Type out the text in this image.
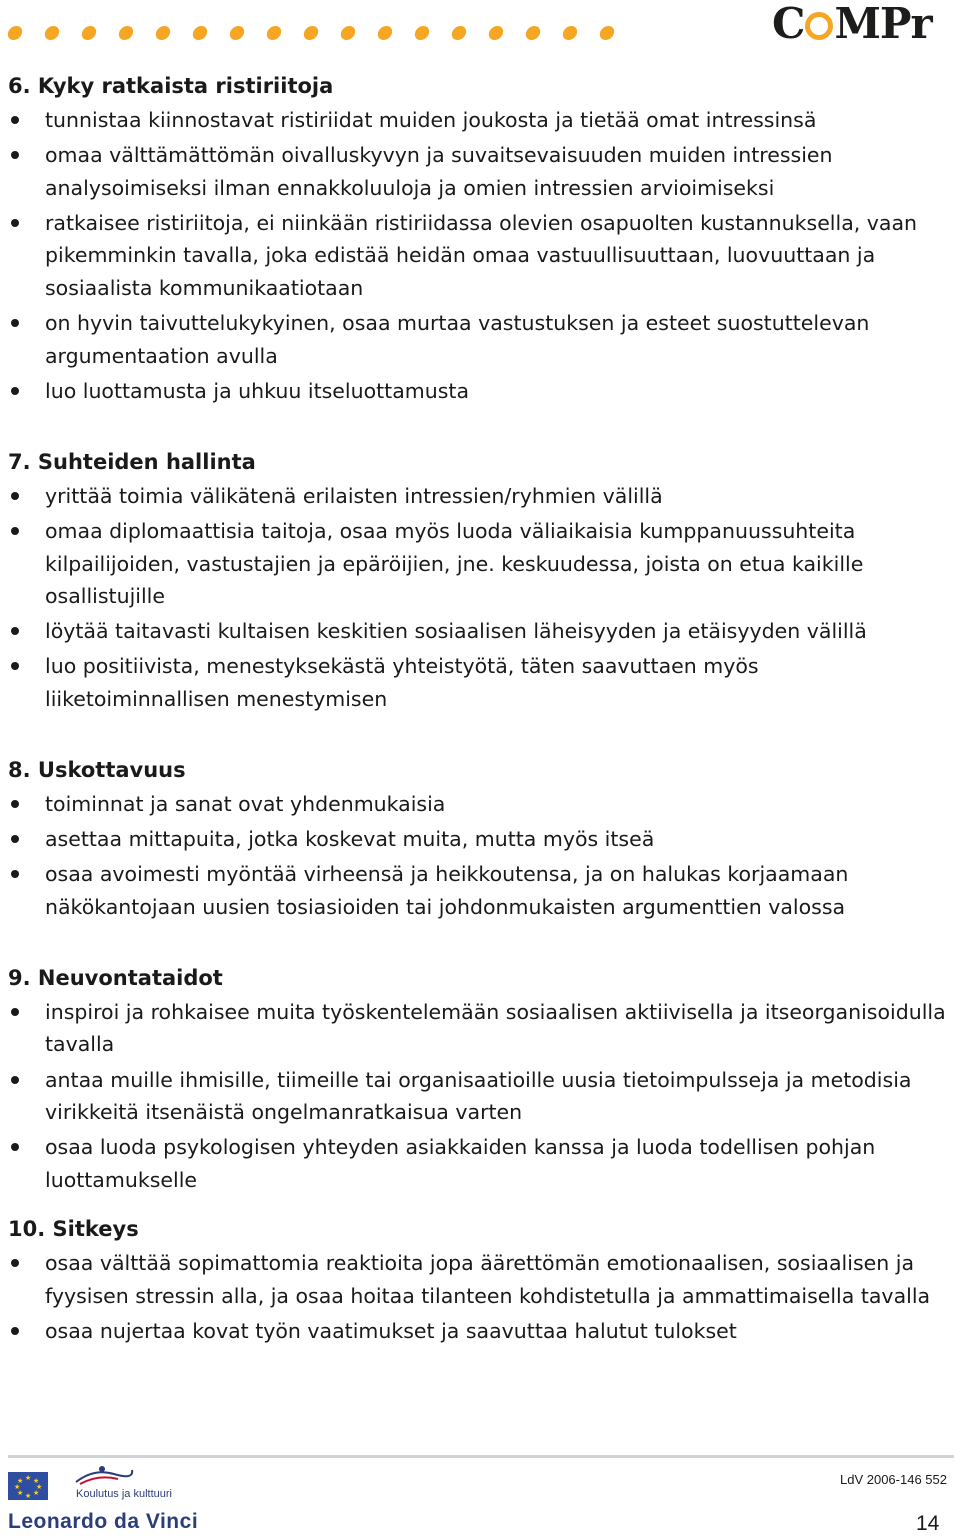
C MPr
6. Kyky ratkaista ristiriitoja
tunnistaa kiinnostavat ristiriidat muiden joukosta ja tietää omat intressinsä
omaa välttämättömän oivalluskyvyn ja suvaitsevaisuuden muiden intressien analysoimiseksi ilman ennakkoluuloja ja omien intressien arvioimiseksi
ratkaisee ristiriitoja, ei niinkään ristiriidassa olevien osapuolten kustannuksella, vaan pikemminkin tavalla, joka edistää heidän omaa vastuullisuuttaan, luovuuttaan ja sosiaalista kommunikaatiotaan
on hyvin taivuttelukykyinen, osaa murtaa vastustuksen ja esteet suostuttelevan argumentaation avulla
luo luottamusta ja uhkuu itseluottamusta
7. Suhteiden hallinta
yrittää toimia välikätenä erilaisten intressien/ryhmien välillä
omaa diplomaattisia taitoja, osaa myös luoda väliaikaisia kumppanuussuhteita kilpailijoiden, vastustajien ja epäröijien, jne. keskuudessa, joista on etua kaikille osallistujille
löytää taitavasti kultaisen keskitien sosiaalisen läheisyyden ja etäisyyden välillä
luo positiivista, menestyksekästä yhteistyötä, täten saavuttaen myös liiketoiminnallisen menestymisen
8. Uskottavuus
toiminnat ja sanat ovat yhdenmukaisia
asettaa mittapuita, jotka koskevat muita, mutta myös itseä
osaa avoimesti myöntää virheensä ja heikkoutensa, ja on halukas korjaamaan näkökantojaan uusien tosiasioiden tai johdonmukaisten argumenttien valossa
9. Neuvontataidot
inspiroi ja rohkaisee muita työskentelemään sosiaalisen aktiivisella ja itseorganisoidulla tavalla
antaa muille ihmisille, tiimeille tai organisaatioille uusia tietoimpulsseja ja metodisia virikkeitä itsenäistä ongelmanratkaisua varten
osaa luoda psykologisen yhteyden asiakkaiden kanssa ja luoda todellisen pohjan luottamukselle
10. Sitkeys
osaa välttää sopimattomia reaktioita jopa äärettömän emotionaalisen, sosiaalisen ja fyysisen stressin alla, ja osaa hoitaa tilanteen kohdistetulla ja ammattimaisella tavalla
osaa nujertaa kovat työn vaatimukset ja saavuttaa halutut tulokset
★ ★
★
★
★
★
★
★
Koulutus ja kulttuuri
Leonardo da Vinci
LdV 2006-146 552
14
